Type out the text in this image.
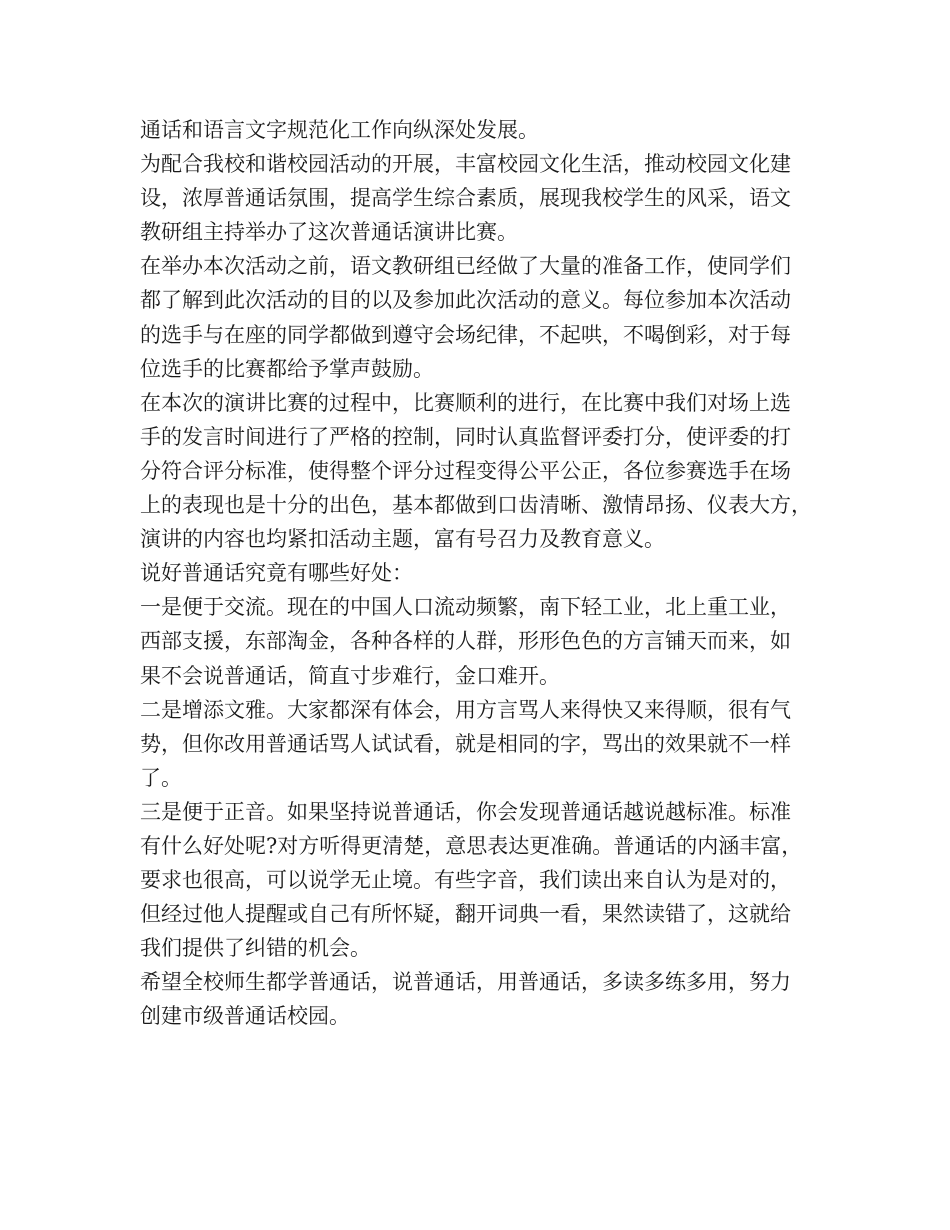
通话和语言文字规范化工作向纵深处发展。
为配合我校和谐校园活动的开展，丰富校园文化生活，推动校园文化建
设，浓厚普通话氛围，提高学生综合素质，展现我校学生的风采，语文
教研组主持举办了这次普通话演讲比赛。
在举办本次活动之前，语文教研组已经做了大量的准备工作，使同学们
都了解到此次活动的目的以及参加此次活动的意义。每位参加本次活动
的选手与在座的同学都做到遵守会场纪律，不起哄，不喝倒彩，对于每
位选手的比赛都给予掌声鼓励。
在本次的演讲比赛的过程中，比赛顺利的进行，在比赛中我们对场上选
手的发言时间进行了严格的控制，同时认真监督评委打分，使评委的打
分符合评分标准，使得整个评分过程变得公平公正，各位参赛选手在场
上的表现也是十分的出色，基本都做到口齿清晰、激情昂扬、仪表大方，
演讲的内容也均紧扣活动主题，富有号召力及教育意义。
说好普通话究竟有哪些好处：
一是便于交流。现在的中国人口流动频繁，南下轻工业，北上重工业，
西部支援，东部淘金，各种各样的人群，形形色色的方言铺天而来，如
果不会说普通话，简直寸步难行，金口难开。
二是增添文雅。大家都深有体会，用方言骂人来得快又来得顺，很有气
势，但你改用普通话骂人试试看，就是相同的字，骂出的效果就不一样
了。
三是便于正音。如果坚持说普通话，你会发现普通话越说越标准。标准
有什么好处呢?对方听得更清楚，意思表达更准确。普通话的内涵丰富，
要求也很高，可以说学无止境。有些字音，我们读出来自认为是对的，
但经过他人提醒或自己有所怀疑，翻开词典一看，果然读错了，这就给
我们提供了纠错的机会。
希望全校师生都学普通话，说普通话，用普通话，多读多练多用，努力
创建市级普通话校园。
